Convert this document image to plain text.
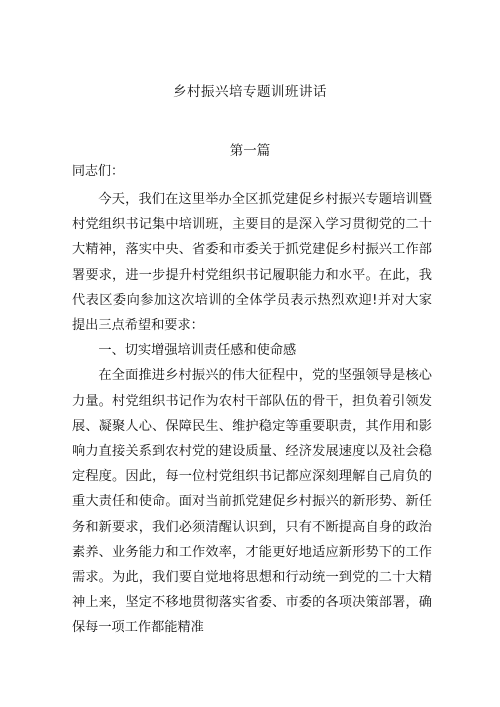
乡村振兴培专题训班讲话
第一篇
同志们：

今天，我们在这里举办全区抓党建促乡村振兴专题培训暨村党组织书记集中培训班，主要目的是深入学习贯彻党的二十大精神，落实中央、省委和市委关于抓党建促乡村振兴工作部署要求，进一步提升村党组织书记履职能力和水平。在此，我代表区委向参加这次培训的全体学员表示热烈欢迎!并对大家提出三点希望和要求：

一、切实增强培训责任感和使命感

在全面推进乡村振兴的伟大征程中，党的坚强领导是核心力量。村党组织书记作为农村干部队伍的骨干，担负着引领发展、凝聚人心、保障民生、维护稳定等重要职责，其作用和影响力直接关系到农村党的建设质量、经济发展速度以及社会稳定程度。因此，每一位村党组织书记都应深刻理解自己肩负的重大责任和使命。面对当前抓党建促乡村振兴的新形势、新任务和新要求，我们必须清醒认识到，只有不断提高自身的政治素养、业务能力和工作效率，才能更好地适应新形势下的工作需求。为此，我们要自觉地将思想和行动统一到党的二十大精神上来，坚定不移地贯彻落实省委、市委的各项决策部署，确保每一项工作都能精准
